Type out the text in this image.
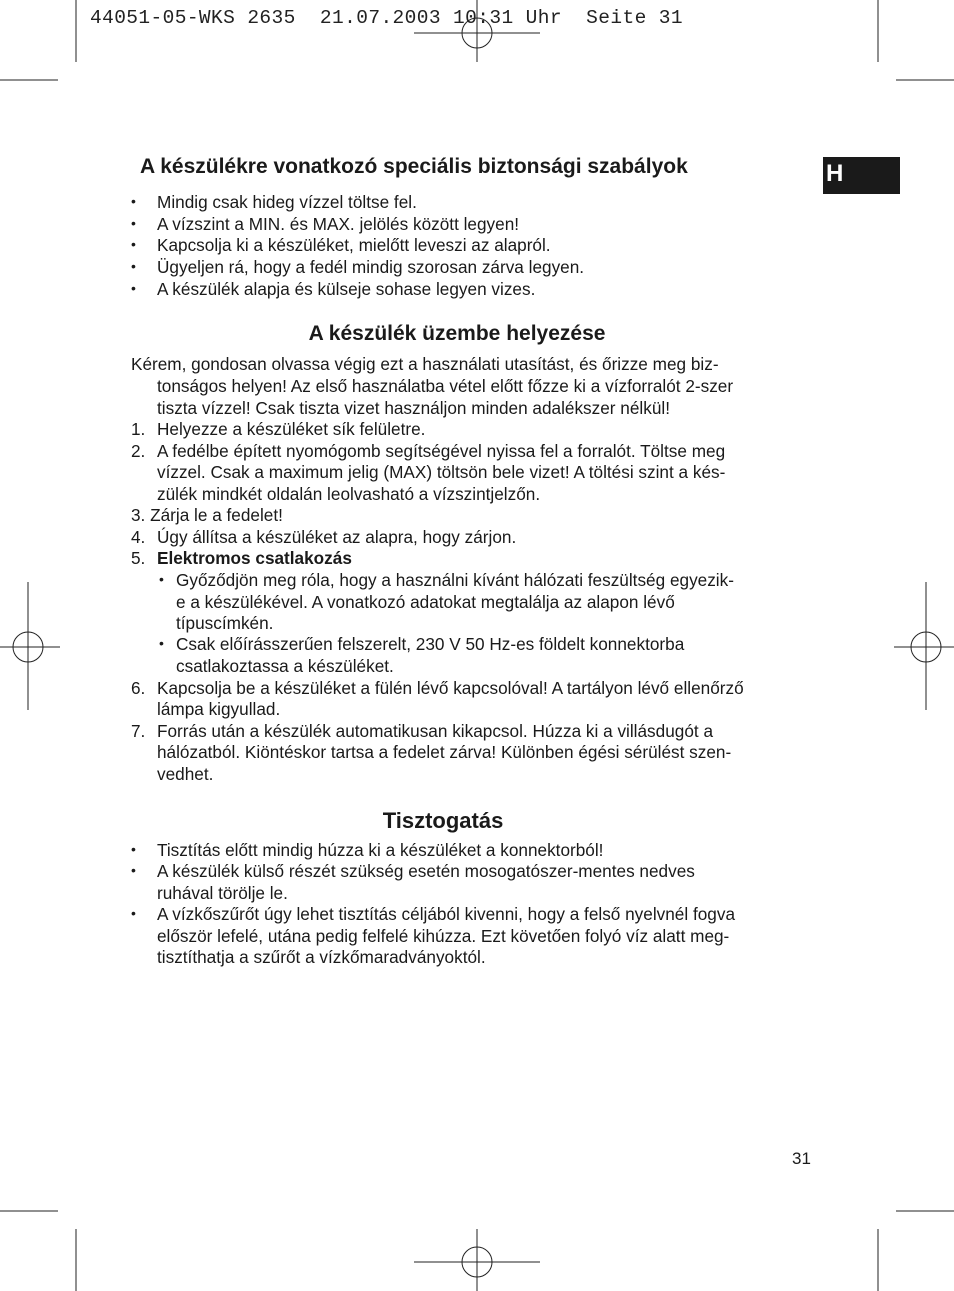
44051-05-WKS 2635  21.07.2003 10:31 Uhr  Seite 31
H
A készülékre vonatkozó speciális biztonsági szabályok
• Mindig csak hideg vízzel töltse fel.
• A vízszint a MIN. és MAX. jelölés között legyen!
• Kapcsolja ki a készüléket, mielőtt leveszi az alapról.
• Ügyeljen rá, hogy a fedél mindig szorosan zárva legyen.
• A készülék alapja és külseje sohase legyen vizes.
A készülék üzembe helyezése
Kérem, gondosan olvassa végig ezt a használati utasítást, és őrizze meg biz-
tonságos helyen! Az első használatba vétel előtt főzze ki a vízforralót 2-szer
tiszta vízzel! Csak tiszta vizet használjon minden adalékszer nélkül!
1. Helyezze a készüléket sík felületre.
2. A fedélbe épített nyomógomb segítségével nyissa fel a forralót. Töltse meg
vízzel. Csak a maximum jelig (MAX) töltsön bele vizet! A töltési szint a kés-
zülék mindkét oldalán leolvasható a vízszintjelzőn.
3. Zárja le a fedelet!
4. Úgy állítsa a készüléket az alapra, hogy zárjon.
5. Elektromos csatlakozás
• Győződjön meg róla, hogy a használni kívánt hálózati feszültség egyezik-
e a készülékével. A vonatkozó adatokat megtalálja az alapon lévő
típuscímkén.
• Csak előírásszerűen felszerelt, 230 V 50 Hz-es földelt konnektorba
csatlakoztassa a készüléket.
6. Kapcsolja be a készüléket a fülén lévő kapcsolóval! A tartályon lévő ellenőrző
lámpa kigyullad.
7. Forrás után a készülék automatikusan kikapcsol. Húzza ki a villásdugót a
hálózatból. Kiöntéskor tartsa a fedelet zárva! Különben égési sérülést szen-
vedhet.
Tisztogatás
• Tisztítás előtt mindig húzza ki a készüléket a konnektorból!
• A készülék külső részét szükség esetén mosogatószer-mentes nedves
ruhával törölje le.
• A vízkőszűrőt úgy lehet tisztítás céljából kivenni, hogy a felső nyelvnél fogva
először lefelé, utána pedig felfelé kihúzza. Ezt követően folyó víz alatt meg-
tisztíthatja a szűrőt a vízkőmaradványoktól.
31
